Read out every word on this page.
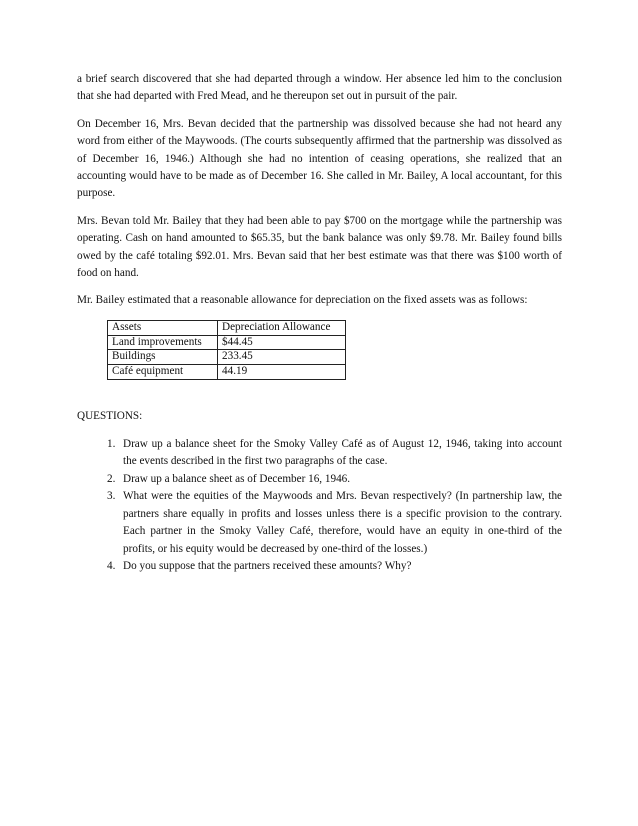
a brief search discovered that she had departed through a window. Her absence led him to the conclusion that she had departed with Fred Mead, and he thereupon set out in pursuit of the pair.

On December 16, Mrs. Bevan decided that the partnership was dissolved because she had not heard any word from either of the Maywoods. (The courts subsequently affirmed that the partnership was dissolved as of December 16, 1946.) Although she had no intention of ceasing operations, she realized that an accounting would have to be made as of December 16. She called in Mr. Bailey, A local accountant, for this purpose.

Mrs. Bevan told Mr. Bailey that they had been able to pay $700 on the mortgage while the partnership was operating. Cash on hand amounted to $65.35, but the bank balance was only $9.78. Mr. Bailey found bills owed by the café totaling $92.01. Mrs. Bevan said that her best estimate was that there was $100 worth of food on hand.

Mr. Bailey estimated that a reasonable allowance for depreciation on the fixed assets was as follows:

Assets	Depreciation Allowance
Land improvements	$44.45
Buildings	233.45
Café equipment	44.19
QUESTIONS:
1. Draw up a balance sheet for the Smoky Valley Café as of August 12, 1946, taking into account the events described in the first two paragraphs of the case.
2. Draw up a balance sheet as of December 16, 1946.
3. What were the equities of the Maywoods and Mrs. Bevan respectively? (In partnership law, the partners share equally in profits and losses unless there is a specific provision to the contrary. Each partner in the Smoky Valley Café, therefore, would have an equity in one-third of the profits, or his equity would be decreased by one-third of the losses.)
4. Do you suppose that the partners received these amounts? Why?
